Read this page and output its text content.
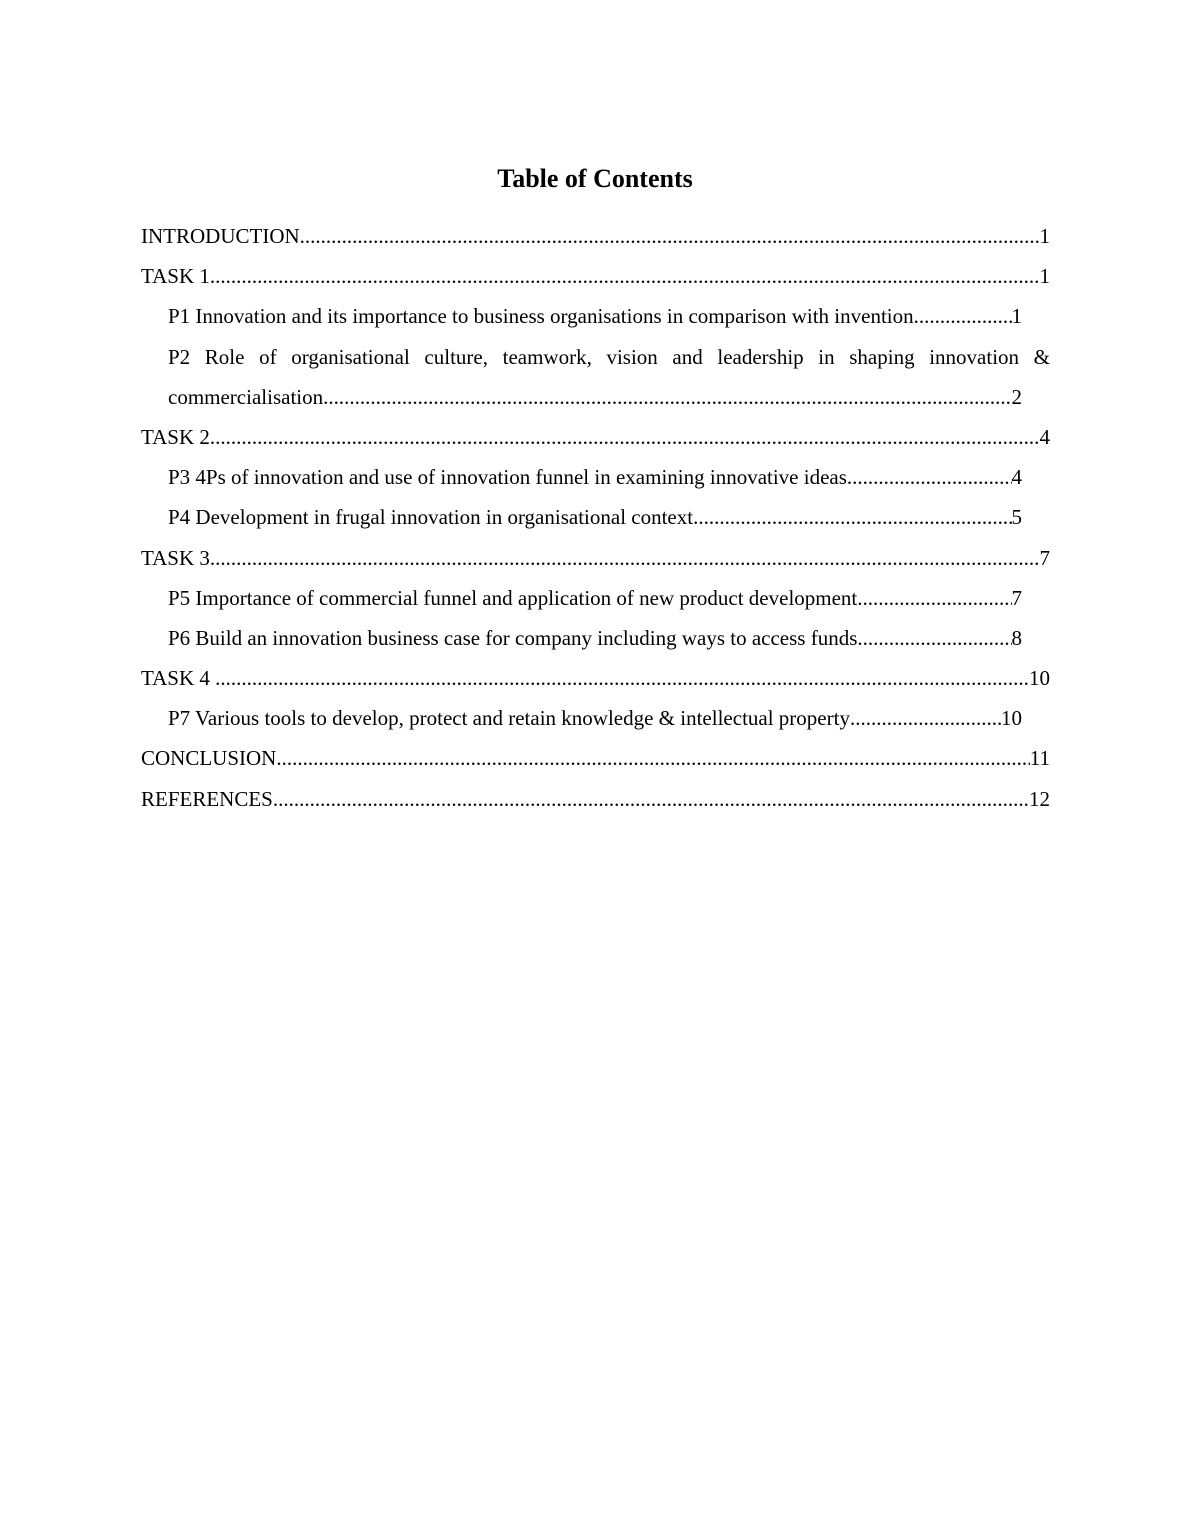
Table of Contents
INTRODUCTION .....	1
TASK 1 .....	1
P1 Innovation and its importance to business organisations in comparison with invention. .....	1
P2 Role of organisational culture, teamwork, vision and leadership in shaping innovation &
commercialisation .....	2
TASK 2 .....	4
P3 4Ps of innovation and use of innovation funnel in examining innovative ideas .....	4
P4 Development in frugal innovation in organisational context .....	5
TASK 3 .....	7
P5 Importance of commercial funnel and application of new product development .....	7
P6 Build an innovation business case for company including ways to access funds .....	8
TASK 4 .....	10
P7 Various tools to develop, protect and retain knowledge & intellectual property .....	10
CONCLUSION .....	11
REFERENCES .....	12
